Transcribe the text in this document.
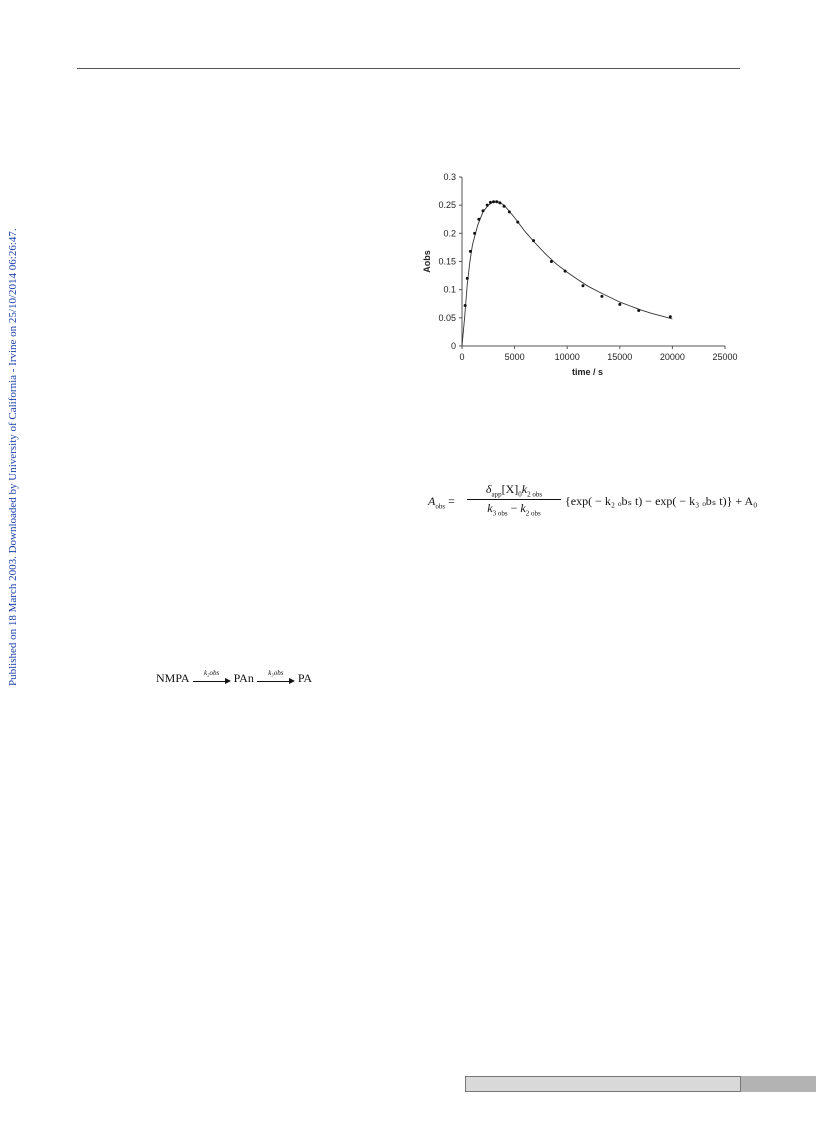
Published on 18 March 2003. Downloaded by University of California - Irvine on 25/10/2014 06:26:47.	0
0.05
0.1
0.15
0.2
0.25
0.3
0	5000	10000	15000	20000	25000
time / s
Aobs
$A_{obs}$ =
$\delta_{app}[X]_0k_{2 obs}$
$k_{3 obs} - k_{2 obs}$
{exp( − k₂ ₒbₛ t) − exp( − k₃ ₒbₛ t)} + A₀
NMPA	k₂obs	PAn	k₃obs	PA
